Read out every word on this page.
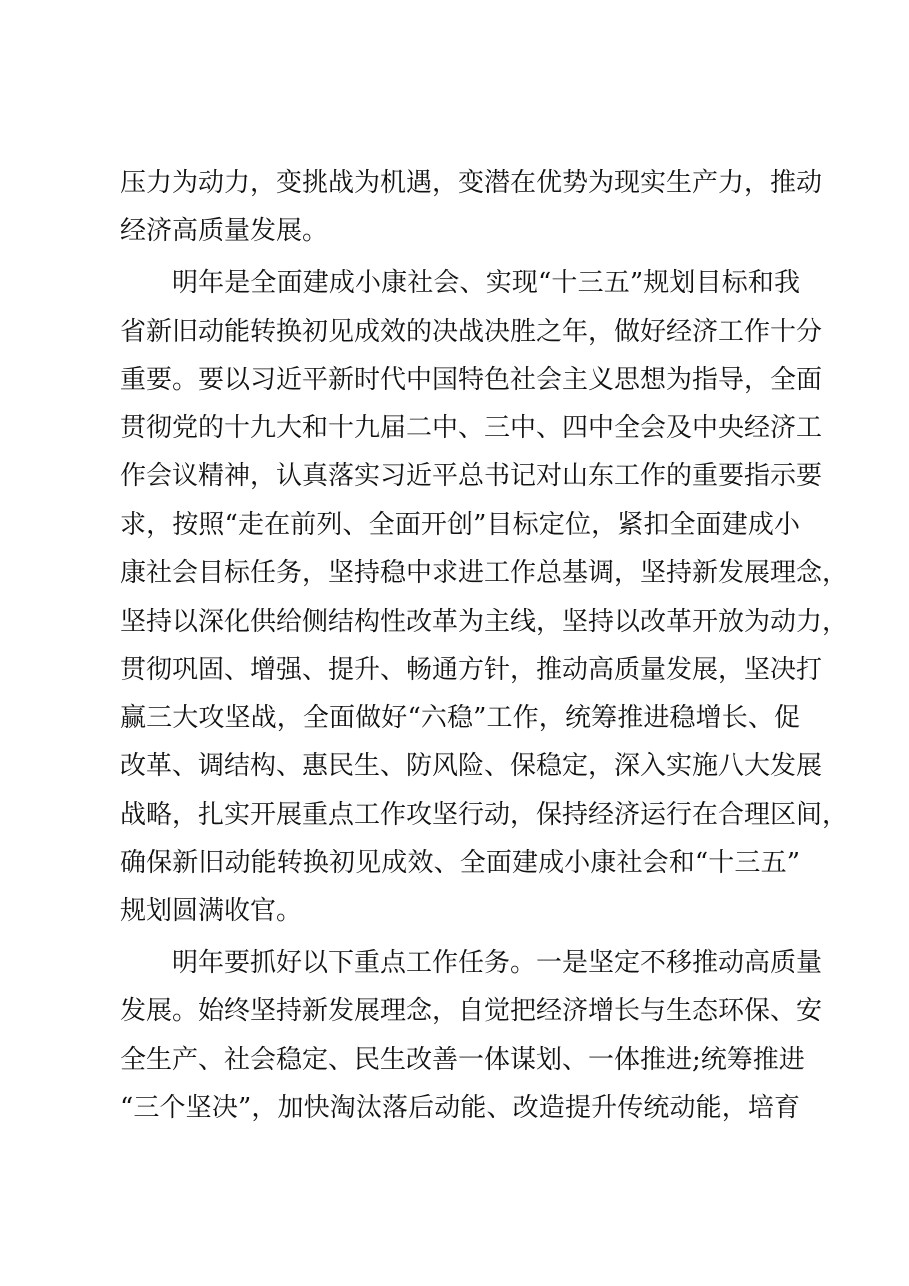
压力为动力，变挑战为机遇，变潜在优势为现实生产力，推动
经济高质量发展。
明年是全面建成小康社会、实现“十三五”规划目标和我
省新旧动能转换初见成效的决战决胜之年，做好经济工作十分
重要。要以习近平新时代中国特色社会主义思想为指导，全面
贯彻党的十九大和十九届二中、三中、四中全会及中央经济工
作会议精神，认真落实习近平总书记对山东工作的重要指示要
求，按照“走在前列、全面开创”目标定位，紧扣全面建成小
康社会目标任务，坚持稳中求进工作总基调，坚持新发展理念，
坚持以深化供给侧结构性改革为主线，坚持以改革开放为动力，
贯彻巩固、增强、提升、畅通方针，推动高质量发展，坚决打
赢三大攻坚战，全面做好“六稳”工作，统筹推进稳增长、促
改革、调结构、惠民生、防风险、保稳定，深入实施八大发展
战略，扎实开展重点工作攻坚行动，保持经济运行在合理区间，
确保新旧动能转换初见成效、全面建成小康社会和“十三五”
规划圆满收官。
明年要抓好以下重点工作任务。一是坚定不移推动高质量
发展。始终坚持新发展理念，自觉把经济增长与生态环保、安
全生产、社会稳定、民生改善一体谋划、一体推进;统筹推进
“三个坚决”，加快淘汰落后动能、改造提升传统动能，培育
